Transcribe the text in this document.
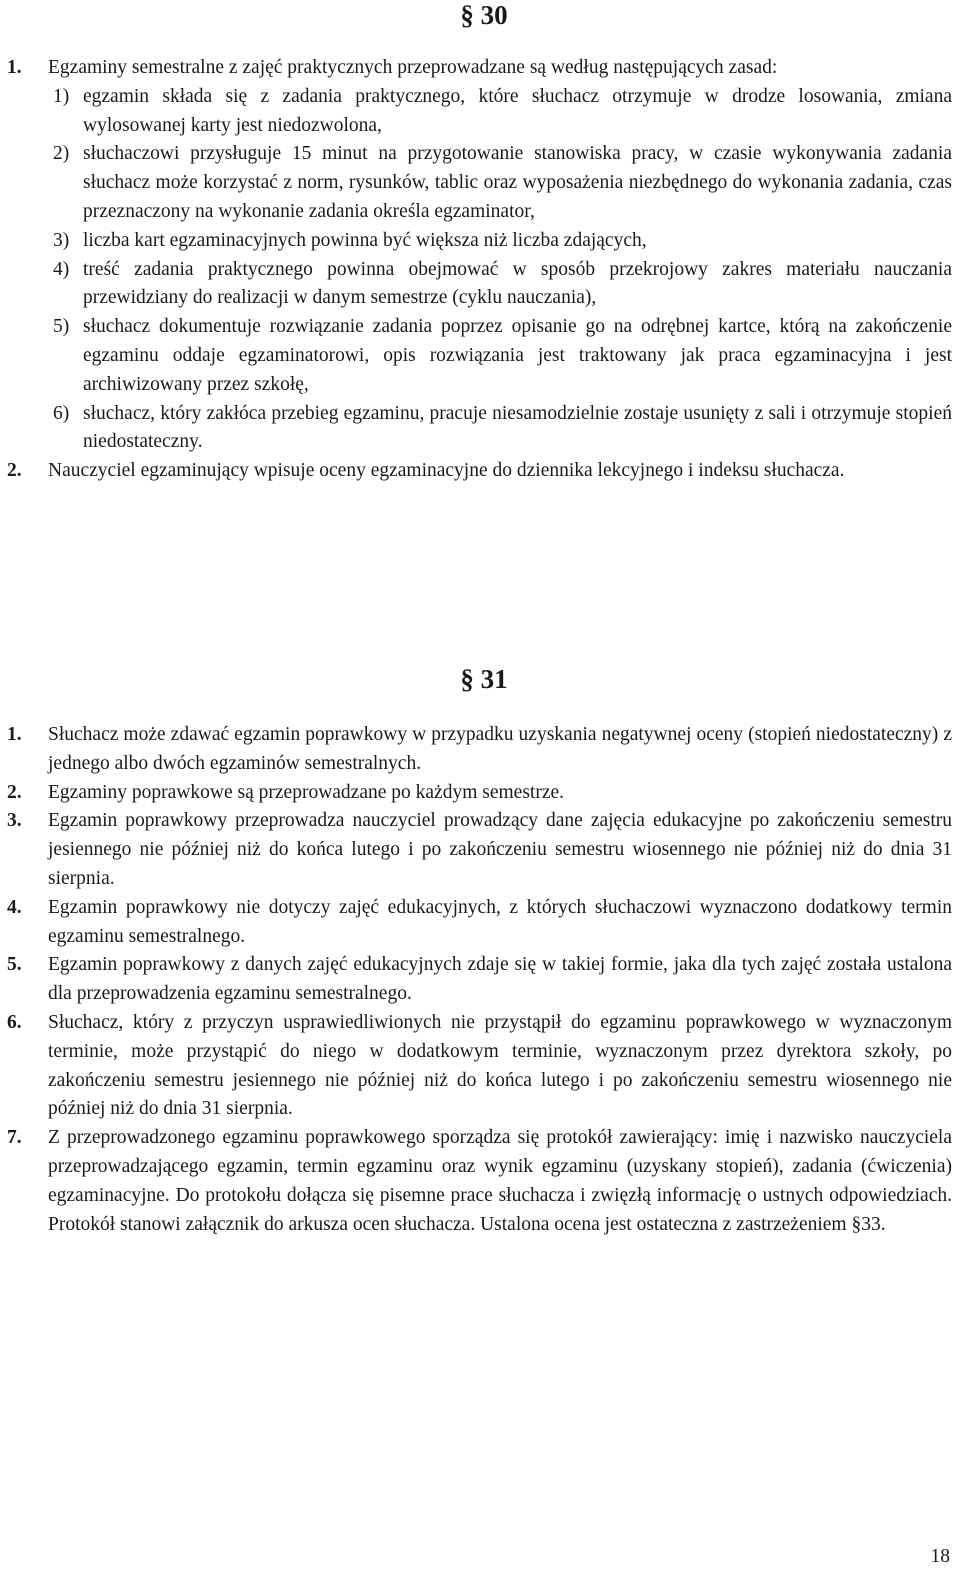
§ 30
1. Egzaminy semestralne z zajęć praktycznych przeprowadzane są według następujących zasad:
1) egzamin składa się z zadania praktycznego, które słuchacz otrzymuje w drodze losowania, zmiana wylosowanej karty jest niedozwolona,
2) słuchaczowi przysługuje 15 minut na przygotowanie stanowiska pracy, w czasie wykonywania zadania słuchacz może korzystać z norm, rysunków, tablic oraz wyposażenia niezbędnego do wykonania zadania, czas przeznaczony na wykonanie zadania określa egzaminator,
3) liczba kart egzaminacyjnych powinna być większa niż liczba zdających,
4) treść zadania praktycznego powinna obejmować w sposób przekrojowy zakres materiału nauczania przewidziany do realizacji w danym semestrze (cyklu nauczania),
5) słuchacz dokumentuje rozwiązanie zadania poprzez opisanie go na odrębnej kartce, którą na zakończenie egzaminu oddaje egzaminatorowi, opis rozwiązania jest traktowany jak praca egzaminacyjna i jest archiwizowany przez szkołę,
6) słuchacz, który zakłóca przebieg egzaminu, pracuje niesamodzielnie zostaje usunięty z sali i otrzymuje stopień niedostateczny.
2. Nauczyciel egzaminujący wpisuje oceny egzaminacyjne do dziennika lekcyjnego i indeksu słuchacza.
§ 31
1. Słuchacz może zdawać egzamin poprawkowy w przypadku uzyskania negatywnej oceny (stopień niedostateczny) z jednego albo dwóch egzaminów semestralnych.
2. Egzaminy poprawkowe są przeprowadzane po każdym semestrze.
3. Egzamin poprawkowy przeprowadza nauczyciel prowadzący dane zajęcia edukacyjne po zakończeniu semestru jesiennego nie później niż do końca lutego i po zakończeniu semestru wiosennego nie później niż do dnia 31 sierpnia.
4. Egzamin poprawkowy nie dotyczy zajęć edukacyjnych, z których słuchaczowi wyznaczono dodatkowy termin egzaminu semestralnego.
5. Egzamin poprawkowy z danych zajęć edukacyjnych zdaje się w takiej formie, jaka dla tych zajęć została ustalona dla przeprowadzenia egzaminu semestralnego.
6. Słuchacz, który z przyczyn usprawiedliwionych nie przystąpił do egzaminu poprawkowego w wyznaczonym terminie, może przystąpić do niego w dodatkowym terminie, wyznaczonym przez dyrektora szkoły, po zakończeniu semestru jesiennego nie później niż do końca lutego i po zakończeniu semestru wiosennego nie później niż do dnia 31 sierpnia.
7. Z przeprowadzonego egzaminu poprawkowego sporządza się protokół zawierający: imię i nazwisko nauczyciela przeprowadzającego egzamin, termin egzaminu oraz wynik egzaminu (uzyskany stopień), zadania (ćwiczenia) egzaminacyjne. Do protokołu dołącza się pisemne prace słuchacza i zwięzłą informację o ustnych odpowiedziach. Protokół stanowi załącznik do arkusza ocen słuchacza. Ustalona ocena jest ostateczna z zastrzeżeniem §33.
18
